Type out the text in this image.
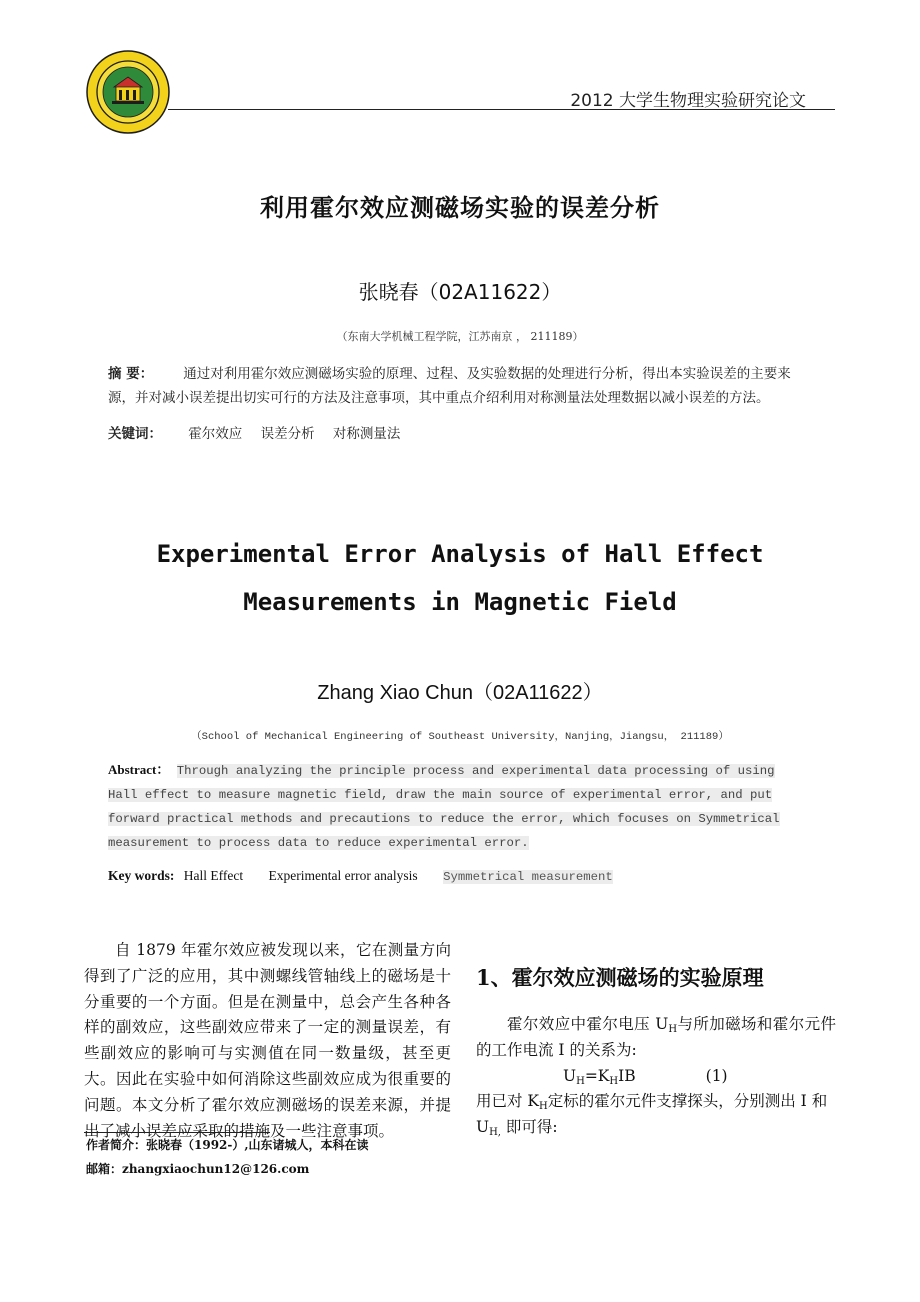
2012 大学生物理实验研究论文
利用霍尔效应测磁场实验的误差分析
张晓春（02A11622）
（东南大学机械工程学院，江苏南京 ， 211189）
摘 要： 通过对利用霍尔效应测磁场实验的原理、过程、及实验数据的处理进行分析，得出本实验误差的主要来源，并对减小误差提出切实可行的方法及注意事项，其中重点介绍利用对称测量法处理数据以减小误差的方法。
关键词： 霍尔效应 误差分析 对称测量法
Experimental Error Analysis of Hall Effect
Measurements in Magnetic Field
Zhang Xiao Chun（02A11622）
（School of Mechanical Engineering of Southeast University，Nanjing，Jiangsu， 211189）
Abstract： Through analyzing the principle process and experimental data processing of using Hall effect to measure magnetic field, draw the main source of experimental error, and put forward practical methods and precautions to reduce the error, which focuses on Symmetrical measurement to process data to reduce experimental error.
Key words: Hall Effect Experimental error analysis Symmetrical measurement

自 1879 年霍尔效应被发现以来，它在测量方向得到了广泛的应用，其中测螺线管轴线上的磁场是十分重要的一个方面。但是在测量中，总会产生各种各样的副效应，这些副效应带来了一定的测量误差，有些副效应的影响可与实测值在同一数量级，甚至更大。因此在实验中如何消除这些副效应成为很重要的问题。本文分析了霍尔效应测磁场的误差来源，并提出了减小误差应采取的措施及一些注意事项。

作者简介：张晓春（1992-）,山东诸城人，本科在读
邮箱：zhangxiaochun12@126.com
1、霍尔效应测磁场的实验原理

霍尔效应中霍尔电压 $U_H$与所加磁场和霍尔元件的工作电流 I 的关系为:

$U_H=K_HIB$	(1)

用已对 $K_H$定标的霍尔元件支撑探头，分别测出 I 和 $U_{H,}$ 即可得:
